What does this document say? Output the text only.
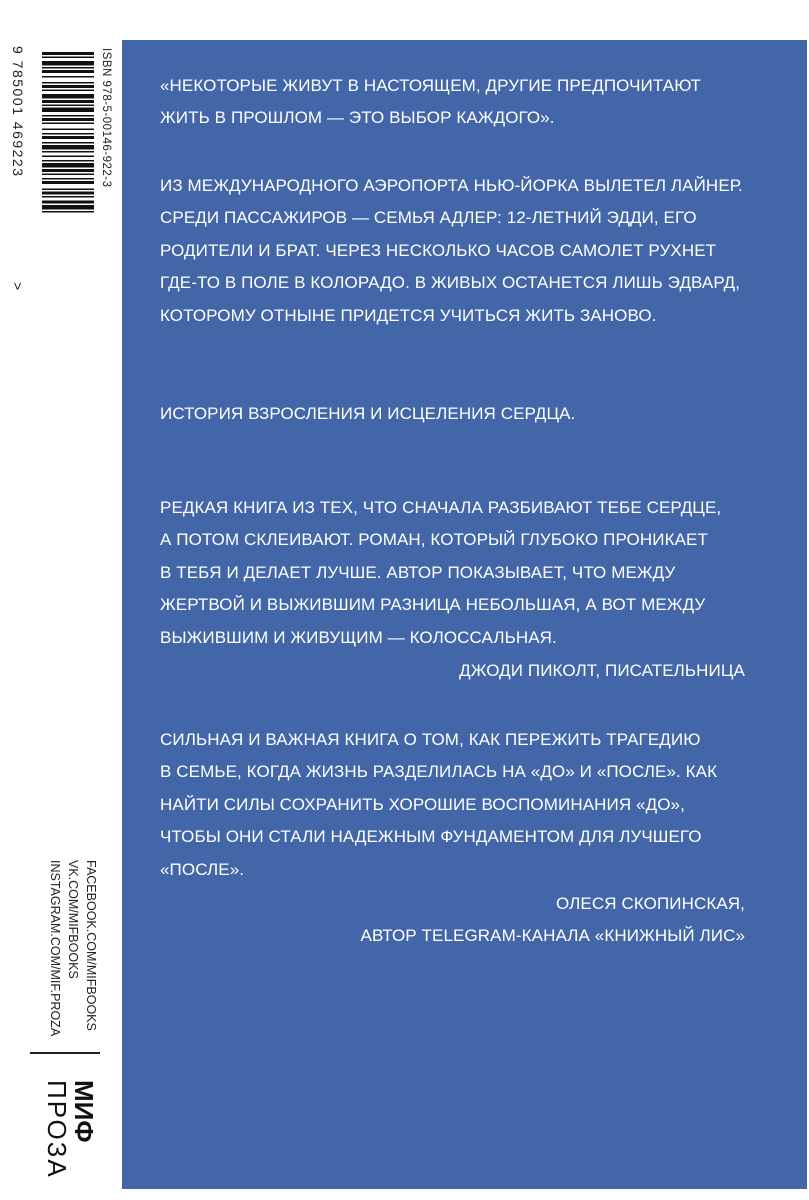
«НЕКОТОРЫЕ ЖИВУТ В НАСТОЯЩЕМ, ДРУГИЕ ПРЕДПОЧИТАЮТ
ЖИТЬ В ПРОШЛОМ — ЭТО ВЫБОР КАЖДОГО».
ИЗ МЕЖДУНАРОДНОГО АЭРОПОРТА НЬЮ-ЙОРКА ВЫЛЕТЕЛ ЛАЙНЕР.
СРЕДИ ПАССАЖИРОВ — СЕМЬЯ АДЛЕР: 12-ЛЕТНИЙ ЭДДИ, ЕГО
РОДИТЕЛИ И БРАТ. ЧЕРЕЗ НЕСКОЛЬКО ЧАСОВ САМОЛЕТ РУХНЕТ
ГДЕ-ТО В ПОЛЕ В КОЛОРАДО. В ЖИВЫХ ОСТАНЕТСЯ ЛИШЬ ЭДВАРД,
КОТОРОМУ ОТНЫНЕ ПРИДЕТСЯ УЧИТЬСЯ ЖИТЬ ЗАНОВО.
ИСТОРИЯ ВЗРОСЛЕНИЯ И ИСЦЕЛЕНИЯ СЕРДЦА.
РЕДКАЯ КНИГА ИЗ ТЕХ, ЧТО СНАЧАЛА РАЗБИВАЮТ ТЕБЕ СЕРДЦЕ,
А ПОТОМ СКЛЕИВАЮТ. РОМАН, КОТОРЫЙ ГЛУБОКО ПРОНИКАЕТ
В ТЕБЯ И ДЕЛАЕТ ЛУЧШЕ. АВТОР ПОКАЗЫВАЕТ, ЧТО МЕЖДУ
ЖЕРТВОЙ И ВЫЖИВШИМ РАЗНИЦА НЕБОЛЬШАЯ, А ВОТ МЕЖДУ
ВЫЖИВШИМ И ЖИВУЩИМ — КОЛОССАЛЬНАЯ.
ДЖОДИ ПИКОЛТ, ПИСАТЕЛЬНИЦА
СИЛЬНАЯ И ВАЖНАЯ КНИГА О ТОМ, КАК ПЕРЕЖИТЬ ТРАГЕДИЮ
В СЕМЬЕ, КОГДА ЖИЗНЬ РАЗДЕЛИЛАСЬ НА «ДО» И «ПОСЛЕ». КАК
НАЙТИ СИЛЫ СОХРАНИТЬ ХОРОШИЕ ВОСПОМИНАНИЯ «ДО»,
ЧТОБЫ ОНИ СТАЛИ НАДЕЖНЫМ ФУНДАМЕНТОМ ДЛЯ ЛУЧШЕГО
«ПОСЛЕ».
ОЛЕСЯ СКОПИНСКАЯ,
АВТОР TELEGRAM-КАНАЛА «КНИЖНЫЙ ЛИС»
ISBN 978-5-00146-922-3
9 785001 469223
>
FACEBOOK.COM/MIFBOOKS
VK.COM/MIFBOOKS
INSTAGRAM.COM/MIF.PROZA
МИФ
ПРОЗА
